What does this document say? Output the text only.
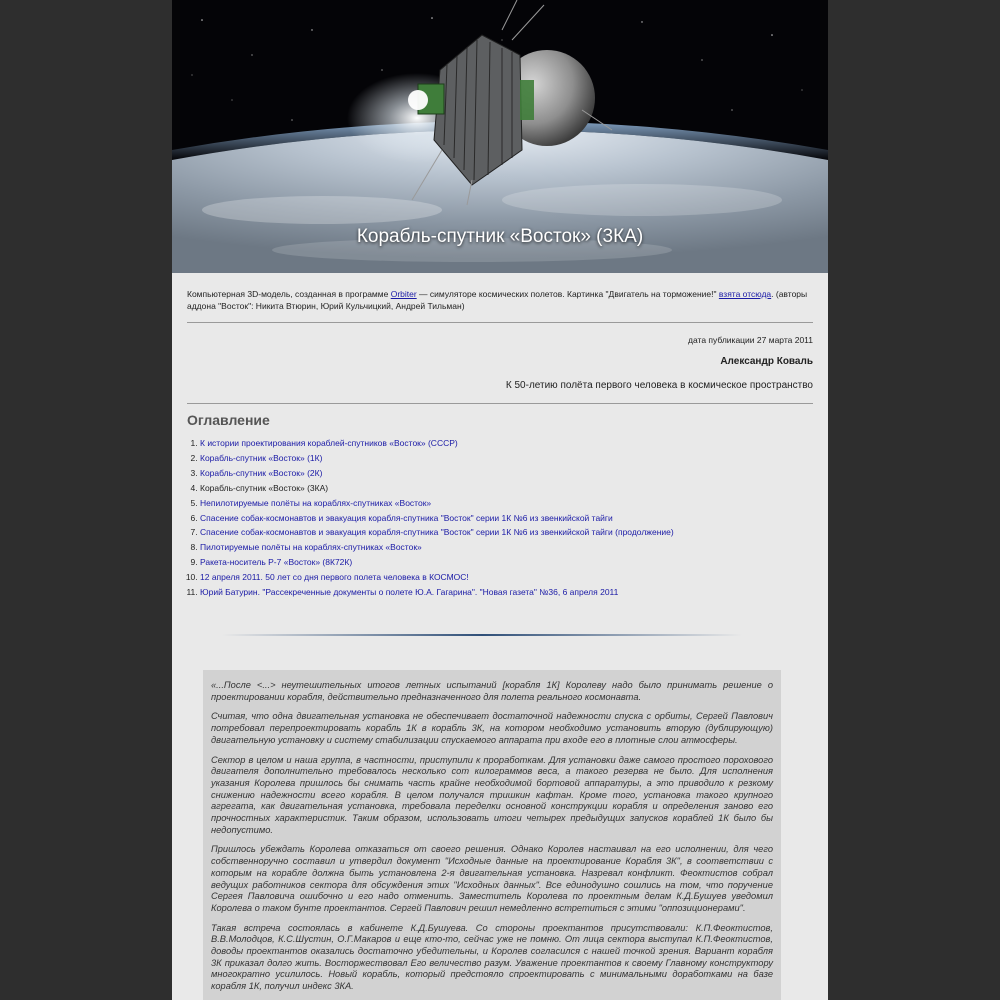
Корабль-спутник «Восток» (3КА)

Компьютерная 3D-модель, созданная в программе Orbiter — симуляторе космических полетов. Картинка "Двигатель на торможение!" взята отсюда. (авторы аддона "Восток": Никита Втюрин, Юрий Кульчицкий, Андрей Тильман)

дата публикации 27 марта 2011
Александр Коваль
К 50-летию полёта первого человека в космическое пространство
Оглавление
1. К истории проектирования кораблей-спутников «Восток» (СССР)
2. Корабль-спутник «Восток» (1К)
3. Корабль-спутник «Восток» (2К)
4. Корабль-спутник «Восток» (3КА)
5. Непилотируемые полёты на кораблях-спутниках «Восток»
6. Спасение собак-космонавтов и эвакуация корабля-спутника "Восток" серии 1К №6 из звенкийской тайги
7. Спасение собак-космонавтов и эвакуация корабля-спутника "Восток" серии 1К №6 из звенкийской тайги (продолжение)
8. Пилотируемые полёты на кораблях-спутниках «Восток»
9. Ракета-носитель Р-7 «Восток» (8К72К)
10. 12 апреля 2011. 50 лет со дня первого полета человека в КОСМОС!
11. Юрий Батурин. "Рассекреченные документы о полете Ю.А. Гагарина". "Новая газета" №36, 6 апреля 2011

«...После <...> неутешительных итогов летных испытаний [корабля 1К] Королеву надо было принимать решение о проектировании корабля, действительно предназначенного для полета реального космонавта.

Считая, что одна двигательная установка не обеспечивает достаточной надежности спуска с орбиты, Сергей Павлович потребовал перепроектировать корабль 1К в корабль 3К, на котором необходимо установить вторую (дублирующую) двигательную установку и систему стабилизации спускаемого аппарата при входе его в плотные слои атмосферы.

Сектор в целом и наша группа, в частности, приступили к проработкам. Для установки даже самого простого порохового двигателя дополнительно требовалось несколько сот килограммов веса, а такого резерва не было. Для исполнения указания Королева пришлось бы снимать часть крайне необходимой бортовой аппаратуры, а это приводило к резкому снижению надежности всего корабля. В целом получался тришкин кафтан. Кроме того, установка такого крупного агрегата, как двигательная установка, требовала переделки основной конструкции корабля и определения заново его прочностных характеристик. Таким образом, использовать итоги четырех предыдущих запусков кораблей 1К было бы недопустимо.

Пришлось убеждать Королева отказаться от своего решения. Однако Королев настаивал на его исполнении, для чего собственноручно составил и утвердил документ "Исходные данные на проектирование Корабля 3К", в соответствии с которым на корабле должна быть установлена 2-я двигательная установка. Назревал конфликт. Феоктистов собрал ведущих работников сектора для обсуждения этих "Исходных данных". Все единодушно сошлись на том, что поручение Сергея Павловича ошибочно и его надо отменить. Заместитель Королева по проектным делам К.Д.Бушуев уведомил Королева о таком бунте проектантов. Сергей Павлович решил немедленно встретиться с этими "оппозиционерами".

Такая встреча состоялась в кабинете К.Д.Бушуева. Со стороны проектантов присутствовали: К.П.Феоктистов, В.В.Молодцов, К.С.Шустин, О.Г.Макаров и еще кто-то, сейчас уже не помню. От лица сектора выступал К.П.Феоктистов, доводы проектантов оказались достаточно убедительны, и Королев согласился с нашей точкой зрения. Вариант корабля 3К приказал долго жить. Восторжествовал Его величество разум. Уважение проектантов к своему Главному конструктору многократно усилилось. Новый корабль, который предстояло спроектировать с минимальными доработками на базе корабля 1К, получил индекс 3КА.
